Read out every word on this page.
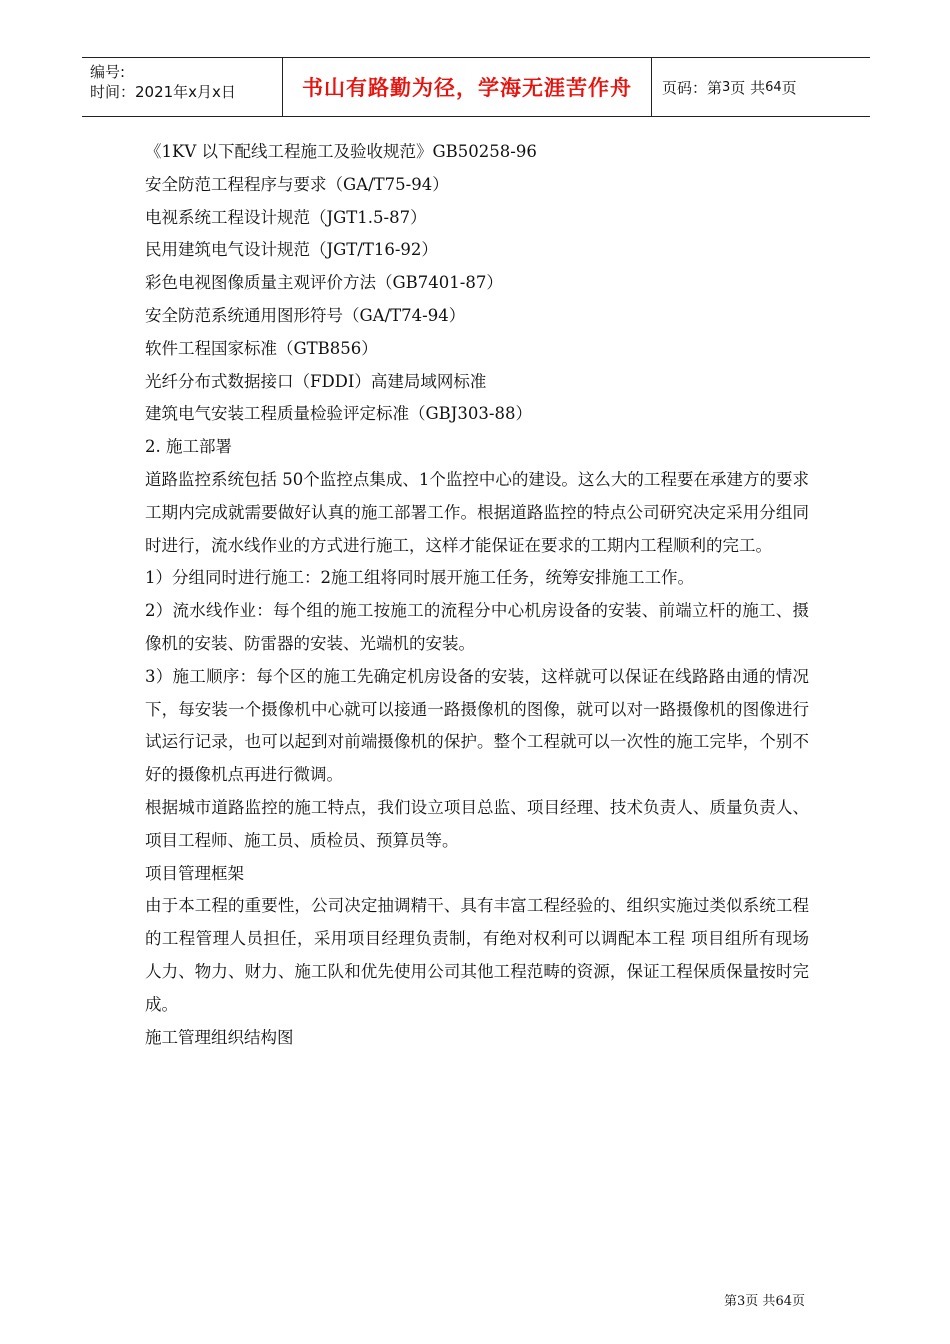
编号:
时间：2021年x月x日	书山有路勤为径，学海无涯苦作舟 页码：第 3 页 共 64 页

《1KV 以下配线工程施工及验收规范》GB50258-96

安全防范工程程序与要求（GA/T75-94）

电视系统工程设计规范（JGT1.5-87）

民用建筑电气设计规范（JGT/T16-92）

彩色电视图像质量主观评价方法（GB7401-87）

安全防范系统通用图形符号（GA/T74-94）

软件工程国家标准（GTB856）

光纤分布式数据接口（FDDI）高建局域网标准

建筑电气安装工程质量检验评定标准（GBJ303-88）

2. 施工部署

道路监控系统包括 50个监控点集成、1个监控中心的建设。这么大的工程要在承建方的要求工期内完成就需要做好认真的施工部署工作。根据道路监控的特点公司研究决定采用分组同时进行，流水线作业的方式进行施工，这样才能保证在要求的工期内工程顺利的完工。

1）分组同时进行施工：2施工组将同时展开施工任务，统筹安排施工工作。

2）流水线作业：每个组的施工按施工的流程分中心机房设备的安装、前端立杆的施工、摄像机的安装、防雷器的安装、光端机的安装。

3）施工顺序：每个区的施工先确定机房设备的安装，这样就可以保证在线路路由通的情况下，每安装一个摄像机中心就可以接通一路摄像机的图像，就可以对一路摄像机的图像进行试运行记录，也可以起到对前端摄像机的保护。整个工程就可以一次性的施工完毕，个别不好的摄像机点再进行微调。

根据城市道路监控的施工特点，我们设立项目总监、项目经理、技术负责人、质量负责人、项目工程师、施工员、质检员、预算员等。

项目管理框架

由于本工程的重要性，公司决定抽调精干、具有丰富工程经验的、组织实施过类似系统工程的工程管理人员担任，采用项目经理负责制，有绝对权利可以调配本工程 项目组所有现场人力、物力、财力、施工队和优先使用公司其他工程范畴的资源，保证工程保质保量按时完成。

施工管理组织结构图

第3页 共64页
